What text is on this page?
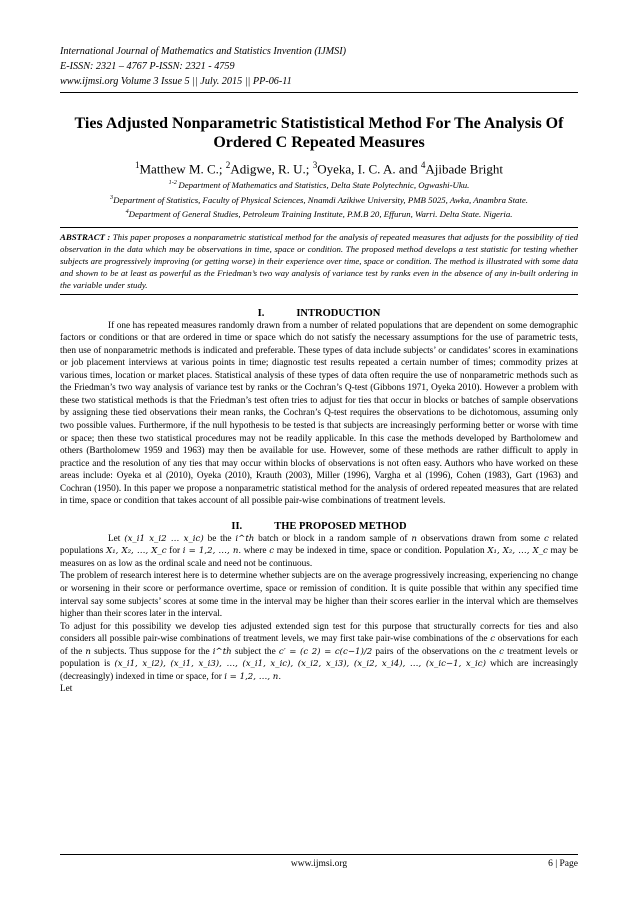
International Journal of Mathematics and Statistics Invention (IJMSI)
E-ISSN: 2321 – 4767 P-ISSN: 2321 - 4759
www.ijmsi.org Volume 3 Issue 5 || July. 2015 || PP-06-11
Ties Adjusted Nonparametric Statististical Method For The Analysis Of Ordered C Repeated Measures
$^1$Matthew M. C.; $^2$Adigwe, R. U.; $^3$Oyeka, I. C. A. and $^4$Ajibade Bright
$^{1-2}$ Department of Mathematics and Statistics, Delta State Polytechnic, Ogwashi-Uku.
$^3$Department of Statistics, Faculty of Physical Sciences, Nnamdi Azikiwe University, PMB 5025, Awka, Anambra State.
$^4$Department of General Studies, Petroleum Training Institute, P.M.B 20, Effurun, Warri. Delta State. Nigeria.
ABSTRACT : This paper proposes a nonparametric statistical method for the analysis of repeated measures that adjusts for the possibility of tied observation in the data which may be observations in time, space or condition. The proposed method develops a test statistic for testing whether subjects are progressively improving (or getting worse) in their experience over time, space or condition. The method is illustrated with some data and shown to be at least as powerful as the Friedman’s two way analysis of variance test by ranks even in the absence of any in-built ordering in the variable under study.
I.	INTRODUCTION

If one has repeated measures randomly drawn from a number of related populations that are dependent on some demographic factors or conditions or that are ordered in time or space which do not satisfy the necessary assumptions for the use of parametric tests, then use of nonparametric methods is indicated and preferable. These types of data include subjects’ or candidates’ scores in examinations or job placement interviews at various points in time; diagnostic test results repeated a certain number of times; commodity prizes at various times, location or market places. Statistical analysis of these types of data often require the use of nonparametric methods such as the Friedman’s two way analysis of variance test by ranks or the Cochran’s Q-test (Gibbons 1971, Oyeka 2010). However a problem with these two statistical methods is that the Friedman’s test often tries to adjust for ties that occur in blocks or batches of sample observations by assigning these tied observations their mean ranks, the Cochran’s Q-test requires the observations to be dichotomous, assuming only two possible values. Furthermore, if the null hypothesis to be tested is that subjects are increasingly performing better or worse with time or space; then these two statistical procedures may not be readily applicable. In this case the methods developed by Bartholomew and others (Bartholomew 1959 and 1963) may then be available for use. However, some of these methods are rather difficult to apply in practice and the resolution of any ties that may occur within blocks of observations is not often easy. Authors who have worked on these areas include: Oyeka et al (2010), Oyeka (2010), Krauth (2003), Miller (1996), Vargha et al (1996), Cohen (1983), Gart (1963) and Cochran (1950). In this paper we propose a nonparametric statistical method for the analysis of ordered repeated measures that are related in time, space or condition that takes account of all possible pair-wise combinations of treatment levels.

II.	THE PROPOSED METHOD

Let (x_i1 x_i2 … x_ic) be the i^th batch or block in a random sample of n observations drawn from some c related populations X₁, X₂, …, X_c for i = 1,2, …, n. where c may be indexed in time, space or condition. Population X₁, X₂, …, X_c may be measures on as low as the ordinal scale and need not be continuous.

The problem of research interest here is to determine whether subjects are on the average progressively increasing, experiencing no change or worsening in their score or performance overtime, space or remission of condition. It is quite possible that within any specified time interval say some subjects’ scores at some time in the interval may be higher than their scores earlier in the interval which are themselves higher than their scores later in the interval.

To adjust for this possibility we develop ties adjusted extended sign test for this purpose that structurally corrects for ties and also considers all possible pair-wise combinations of treatment levels, we may first take pair-wise combinations of the c observations for each of the n subjects. Thus suppose for the i^th subject the c′ = (c 2) = c(c−1)/2 pairs of the observations on the c treatment levels or population is (x_i1, x_i2), (x_i1, x_i3), …, (x_i1, x_ic), (x_i2, x_i3), (x_i2, x_i4), …, (x_ic−1, x_ic) which are increasingly (decreasingly) indexed in time or space, for i = 1,2, …, n.

Let

www.ijmsi.org	6 | Page
